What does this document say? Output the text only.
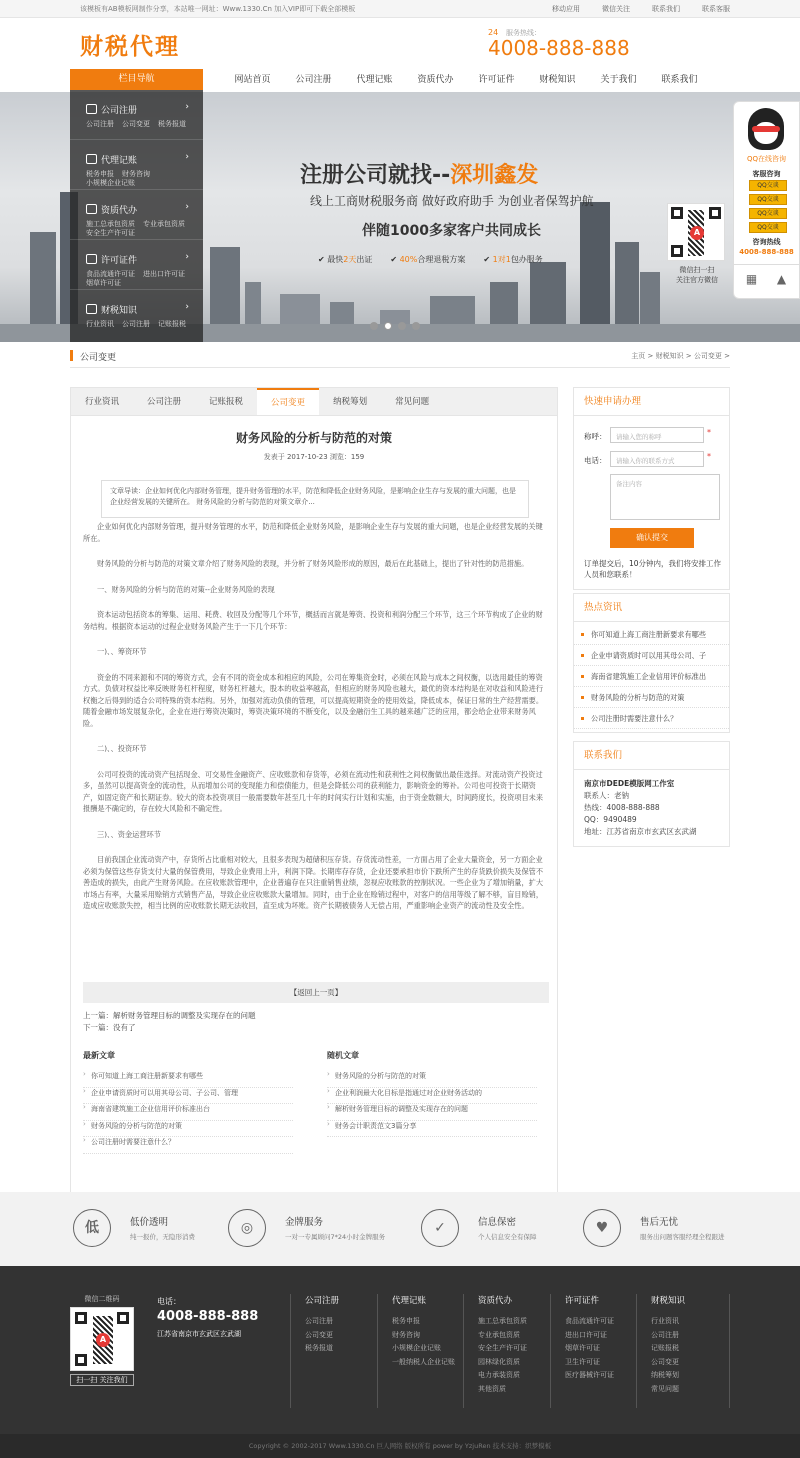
该模板有AB模板网制作分享，本站唯一网址：Www.1330.Cn 加入VIP即可下载全部模板	移动应用	微信关注	联系我们	联系客服
财税代理
24 服务热线：
4008-888-888
网站首页	公司注册	代理记账	资质代办	许可证件	财税知识	关于我们	联系我们
栏目导航
公司注册	›
公司注册 公司变更 税务报道
代理记账	›
税务申报 财务咨询小规模企业记账
资质代办	›
施工总承包资质 专业承包资质安全生产许可证
许可证件	›
食品流通许可证 进出口许可证烟草许可证
财税知识	›
行业资讯 公司注册 记账报税
注册公司就找--深圳鑫发
线上工商财税服务商 做好政府助手 为创业者保驾护航
伴随1000多家客户共同成长
✔ 最快2天出证 ✔ 40%合理退税方案 ✔ 1对1包办服务
A
微信扫一扫
关注官方微信
QQ在线咨询
客服咨询
QQ交谈
QQ交谈
QQ交谈
QQ交谈
咨询热线
4008-888-888
▦ ▲
公司变更	主页 > 财税知识 > 公司变更 >
行业资讯	公司注册	记账报税	公司变更	纳税筹划	常见问题
财务风险的分析与防范的对策
发表于 2017-10-23 浏览：159
文章导读：企业如何优化内部财务管理，提升财务管理的水平，防范和降低企业财务风险，是影响企业生存与发展的重大问题，也是企业经营发展的关键所在。 财务风险的分析与防范的对策文章介...

企业如何优化内部财务管理，提升财务管理的水平，防范和降低企业财务风险，是影响企业生存与发展的重大问题，也是企业经营发展的关键所在。

财务风险的分析与防范的对策文章介绍了财务风险的表现，并分析了财务风险形成的原因，最后在此基础上，提出了针对性的防范措施。

一、财务风险的分析与防范的对策--企业财务风险的表现

资本运动包括资本的筹集、运用、耗费、收回及分配等几个环节，概括而言就是筹资、投资和利润分配三个环节，这三个环节构成了企业的财务结构。根据资本运动的过程企业财务风险产生于一下几个环节：

一)、、筹资环节

资金的不同来源和不同的筹资方式，会有不同的资金成本和相应的风险，公司在筹集资金时，必须在风险与成本之间权衡，以选用最佳的筹资方式。负债对权益比率反映财务杠杆程度，财务杠杆越大，股本的收益率越高，但相应的财务风险也越大，最优的资本结构是在对收益和风险进行权衡之后得到的适合公司特殊的资本结构。另外，加强对流动负债的管理，可以提高短期资金的使用效益，降低成本，保证日常的生产经营需要。随着金融市场发展复杂化，企业在进行筹资决策时，筹资决策环境的不断变化，以及金融衍生工具的越来越广泛的应用，都会给企业带来财务风险。

二)、、投资环节

公司可投资的流动资产包括现金、可交易性金融资产、应收账款和存货等，必须在流动性和获利性之间权衡做出最佳选择。对流动资产投资过多，虽然可以提高资金的流动性，从而增加公司的变现能力和偿债能力，但是会降低公司的获利能力，影响资金的筹补。公司也可投资于长期资产，如固定资产和长期证券。较大的资本投资项目一般需要数年甚至几十年的时间实行计划和实施，由于资金数额大，时间跨度长，投资项目未来报酬是不确定的，存在较大风险和不确定性。

三)、、资金运营环节

目前我国企业流动资产中，存货所占比重相对较大，且很多表现为超储积压存货。存货流动性差，一方面占用了企业大量资金，另一方面企业必须为保管这些存货支付大量的保管费用，导致企业费用上升，利润下降。长期库存存货，企业还要承担市价下跌所产生的存货跌价损失及保管不善造成的损失，由此产生财务风险。在应收账款管理中，企业普遍存在只注重销售业绩，忽视应收账款的控制状况。一些企业为了增加销量，扩大市场占有率，大量采用赊销方式销售产品，导致企业应收账款大量增加。同时，由于企业在赊销过程中，对客户的信用等级了解不够，盲目赊销，造成应收账款失控，相当比例的应收账款长期无法收回，直至成为坏账。资产长期被债务人无偿占用，严重影响企业资产的流动性及安全性。

【返回上一页】
上一篇：解析财务管理目标的调整及实现存在的问题
下一篇：没有了
最新文章
› 你可知道上海工商注册新要求有哪些
› 企业申请资质时可以用其母公司、子公司、管理
› 海南省建筑施工企业信用评价标准出台
› 财务风险的分析与防范的对策
› 公司注册时需要注意什么？
随机文章
› 财务风险的分析与防范的对策
› 企业利润最大化目标是指通过对企业财务活动的
› 解析财务管理目标的调整及实现存在的问题
› 财务会计职责范文3篇分享
快速申请办理
称呼：	请输入您的称呼	*
电话：	请输入你的联系方式	*
备注内容
确认提交
订单提交后，10分钟内，我们将安排工作人员和您联系！
热点资讯
你可知道上海工商注册新要求有哪些
企业申请资质时可以用其母公司、子
海南省建筑施工企业信用评价标准出
财务风险的分析与防范的对策
公司注册时需要注意什么？
联系我们
南京市DEDE模版网工作室
联系人：老钠
热线：4008-888-888
QQ：9490489
地址：江苏省南京市玄武区玄武湖
低	低价透明
纯一报价，无隐形消费
◎	金牌服务
一对一专属顾问7*24小时金牌服务
✓	信息保密
个人信息安全有保障
♥	售后无忧
服务出问题客服经理全程跟进
微信二维码
A
扫一扫 关注我们
电话：
4008-888-888
江苏省南京市玄武区玄武湖
公司注册
公司注册
公司变更
税务报道
代理记账
税务申报
财务咨询
小规模企业记账
一般纳税人企业记账
资质代办
施工总承包资质
专业承包资质
安全生产许可证
园林绿化资质
电力承装资质
其他资质
许可证件
食品流通许可证
进出口许可证
烟草许可证
卫生许可证
医疗器械许可证
财税知识
行业资讯
公司注册
记账报税
公司变更
纳税筹划
常见问题
Copyright © 2002-2017 Www.1330.Cn 巨人网络 版权所有 power by YzjuRen 技术支持：织梦模板
